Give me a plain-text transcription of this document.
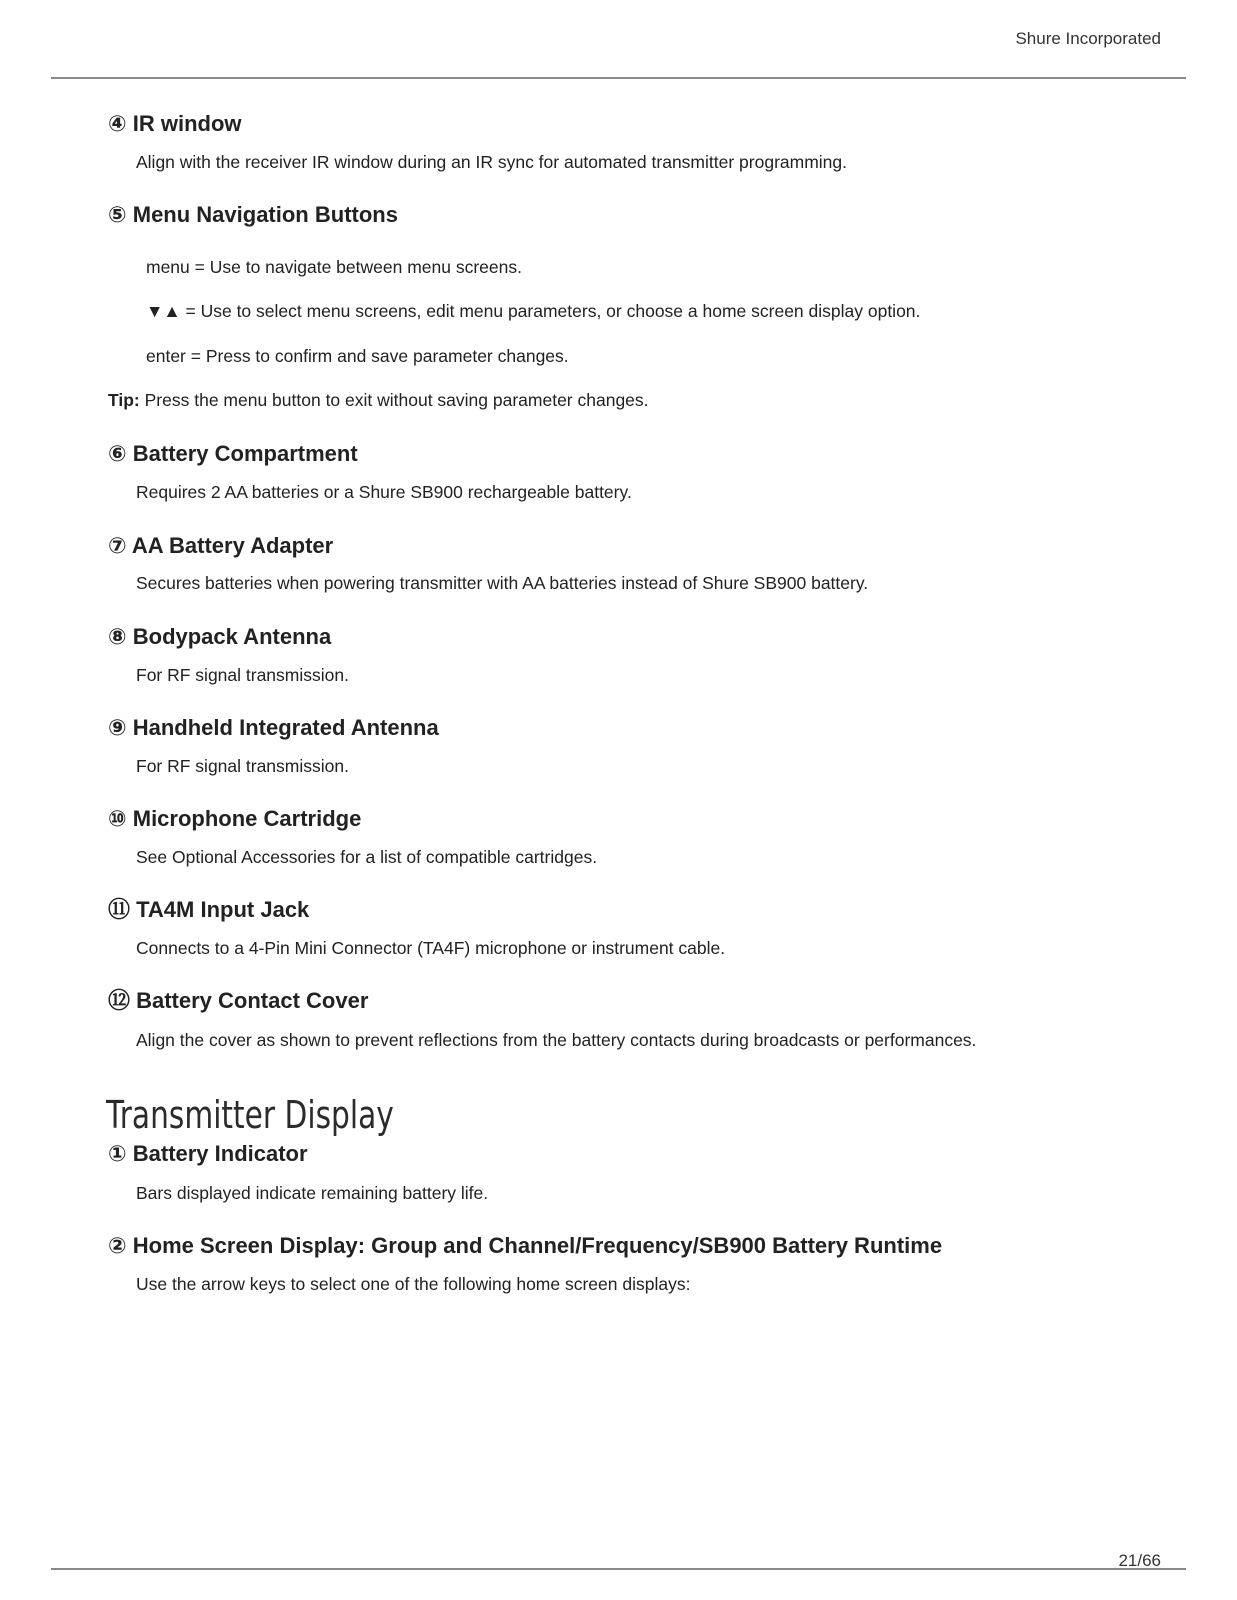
Shure Incorporated
④ IR window

Align with the receiver IR window during an IR sync for automated transmitter programming.

⑤ Menu Navigation Buttons

menu = Use to navigate between menu screens.

▼▲ = Use to select menu screens, edit menu parameters, or choose a home screen display option.

enter = Press to confirm and save parameter changes.

Tip: Press the menu button to exit without saving parameter changes.

⑥ Battery Compartment

Requires 2 AA batteries or a Shure SB900 rechargeable battery.

⑦ AA Battery Adapter

Secures batteries when powering transmitter with AA batteries instead of Shure SB900 battery.

⑧ Bodypack Antenna

For RF signal transmission.

⑨ Handheld Integrated Antenna

For RF signal transmission.

⑩ Microphone Cartridge

See Optional Accessories for a list of compatible cartridges.

⑪ TA4M Input Jack

Connects to a 4-Pin Mini Connector (TA4F) microphone or instrument cable.

⑫ Battery Contact Cover

Align the cover as shown to prevent reflections from the battery contacts during broadcasts or performances.

Transmitter Display
① Battery Indicator

Bars displayed indicate remaining battery life.

② Home Screen Display: Group and Channel/Frequency/SB900 Battery Runtime

Use the arrow keys to select one of the following home screen displays:

21/66
